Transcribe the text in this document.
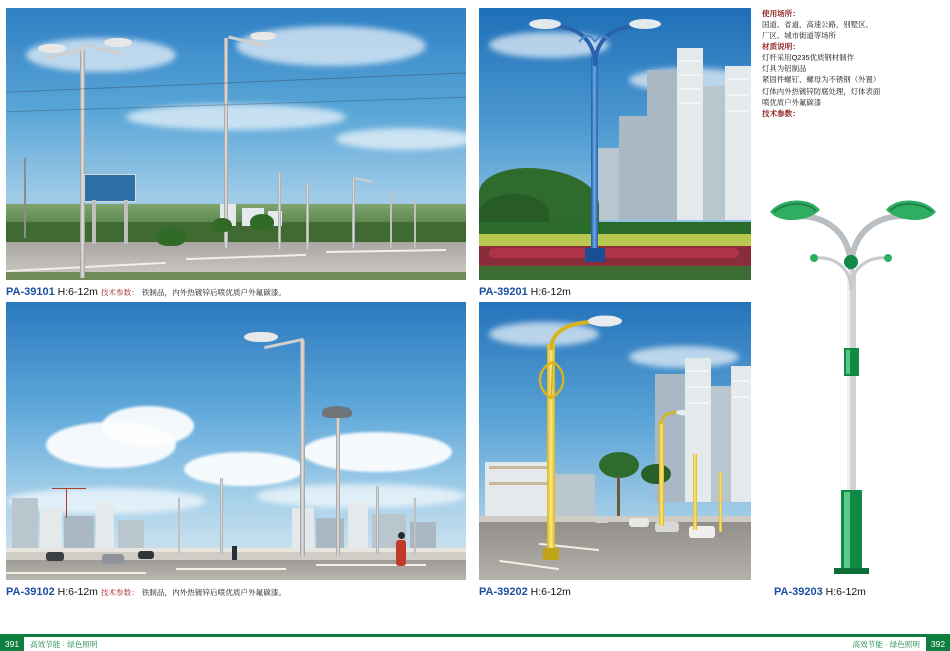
PA-39101 H:6-12m 技术参数： 铁制品，内外热镀锌后喷优质户外氟碳漆。
PA-39102 H:6-12m 技术参数： 铁制品，内外热镀锌后喷优质户外氟碳漆。
PA-39201 H:6-12m
PA-39202 H:6-12m
使用场所：
国道、省道、高速公路、别墅区、
厂区、城市街道等场所
材质说明：
灯杆采用Q235优质钢材制作
灯具为铝制品
紧固件螺钉、螺母为不锈钢（外置）
灯体内外热镀锌防腐处理，灯体表面
喷优质户外氟碳漆
技术参数：
PA-39203 H:6-12m
391	高效节能 · 绿色照明	392
高效节能 · 绿色照明
